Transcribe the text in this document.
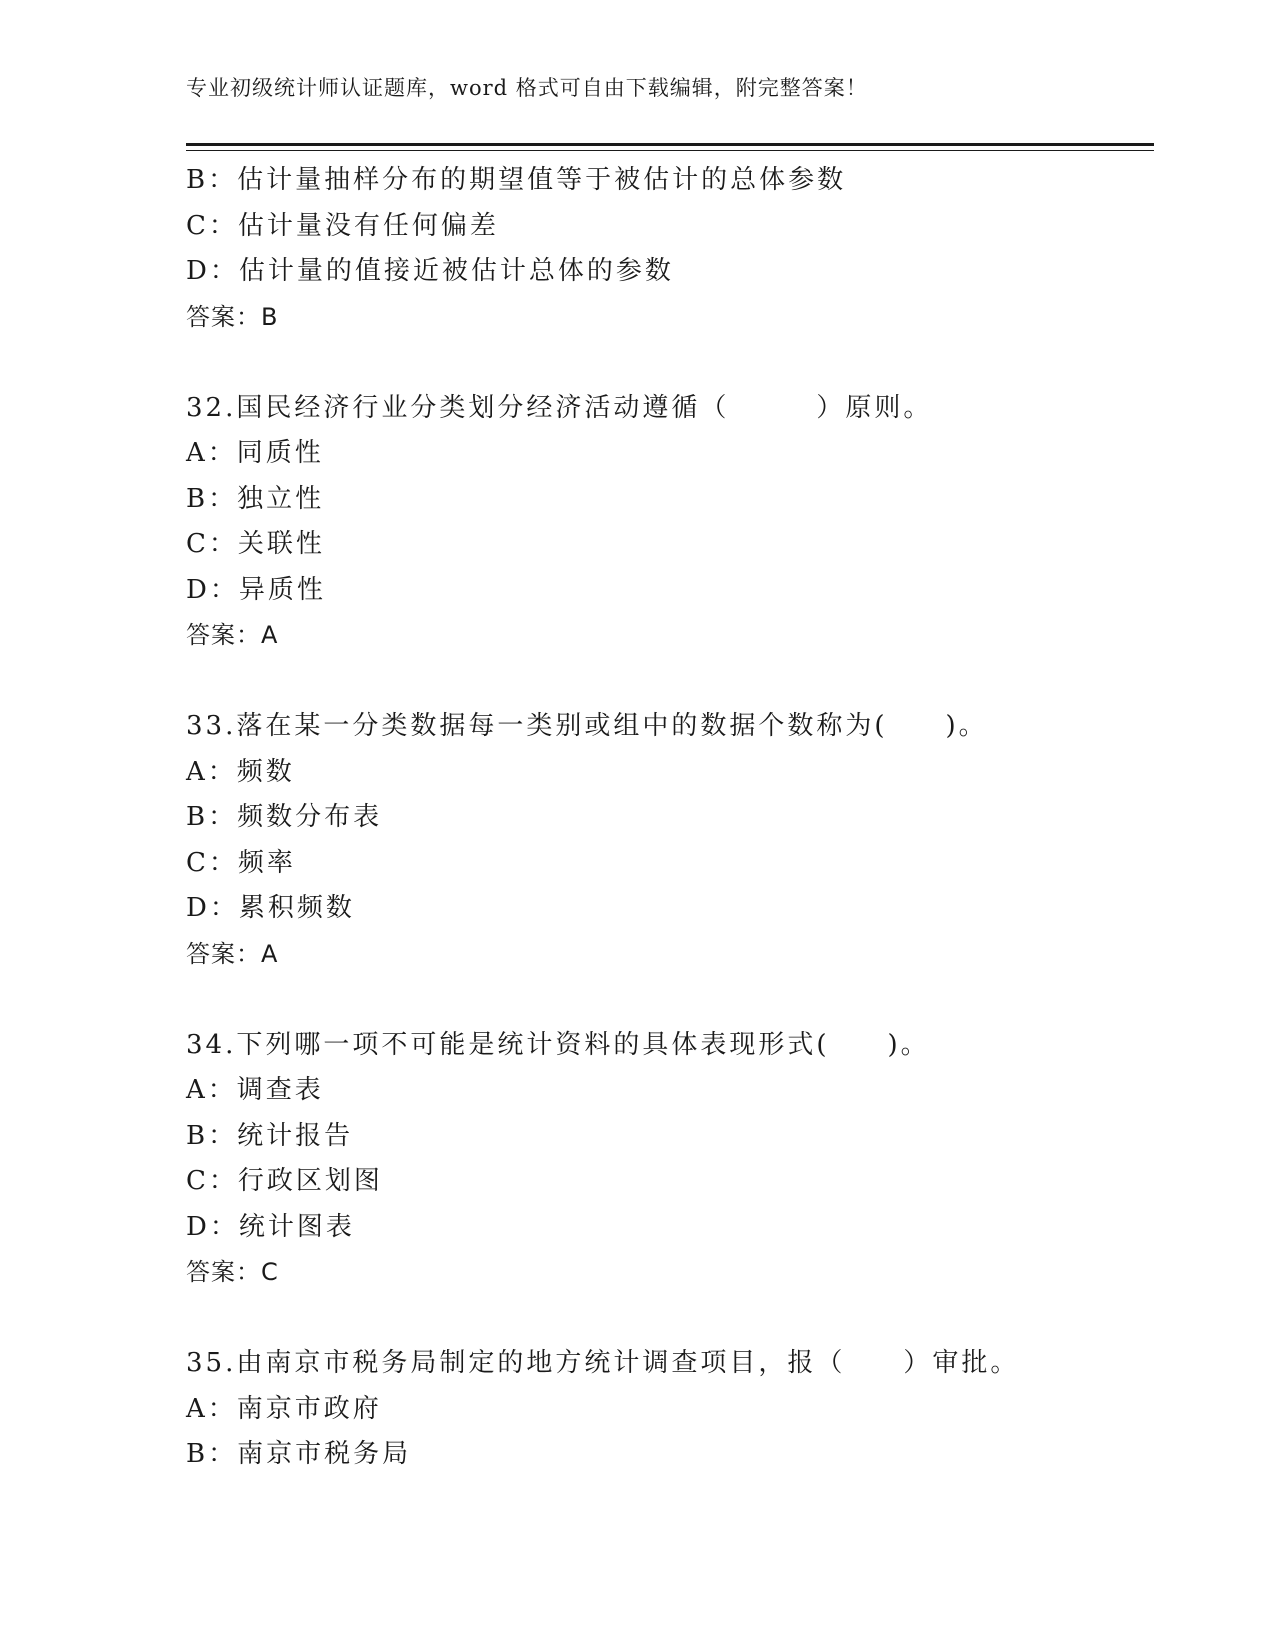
专业初级统计师认证题库，word 格式可自由下载编辑，附完整答案！
B：估计量抽样分布的期望值等于被估计的总体参数
C：估计量没有任何偏差
D：估计量的值接近被估计总体的参数
答案：B
32.国民经济行业分类划分经济活动遵循（　　　）原则。
A：同质性
B：独立性
C：关联性
D：异质性
答案：A
33.落在某一分类数据每一类别或组中的数据个数称为(　　)。
A：频数
B：频数分布表
C：频率
D：累积频数
答案：A
34.下列哪一项不可能是统计资料的具体表现形式(　　)。
A：调查表
B：统计报告
C：行政区划图
D：统计图表
答案：C
35.由南京市税务局制定的地方统计调查项目，报（　　）审批。
A：南京市政府
B：南京市税务局
